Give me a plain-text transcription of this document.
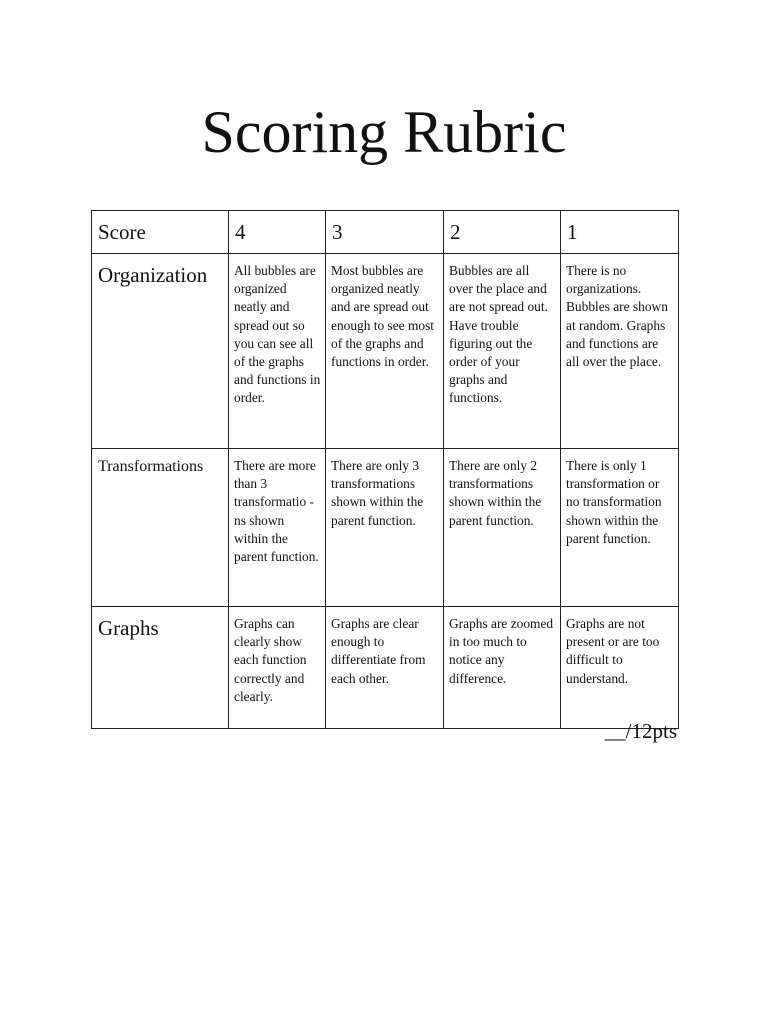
Scoring Rubric
Score	4	3	2	1
Organization	All bubbles are organized neatly and spread out so you can see all of the graphs and functions in order.	Most bubbles are organized neatly and are spread out enough to see most of the graphs and functions in order.	Bubbles are all over the place and are not spread out. Have trouble figuring out the order of your graphs and functions.	There is no organizations. Bubbles are shown at random. Graphs and functions are all over the place.
Transformations	There are more than 3 transformatio -ns shown within the parent function.	There are only 3 transformations shown within the parent function.	There are only 2 transformations shown within the parent function.	There is only 1 transformation or no transformation shown within the parent function.
Graphs	Graphs can clearly show each function correctly and clearly.	Graphs are clear enough to differentiate from each other.	Graphs are zoomed in too much to notice any difference.	Graphs are not present or are too difficult to understand.
__/12pts
